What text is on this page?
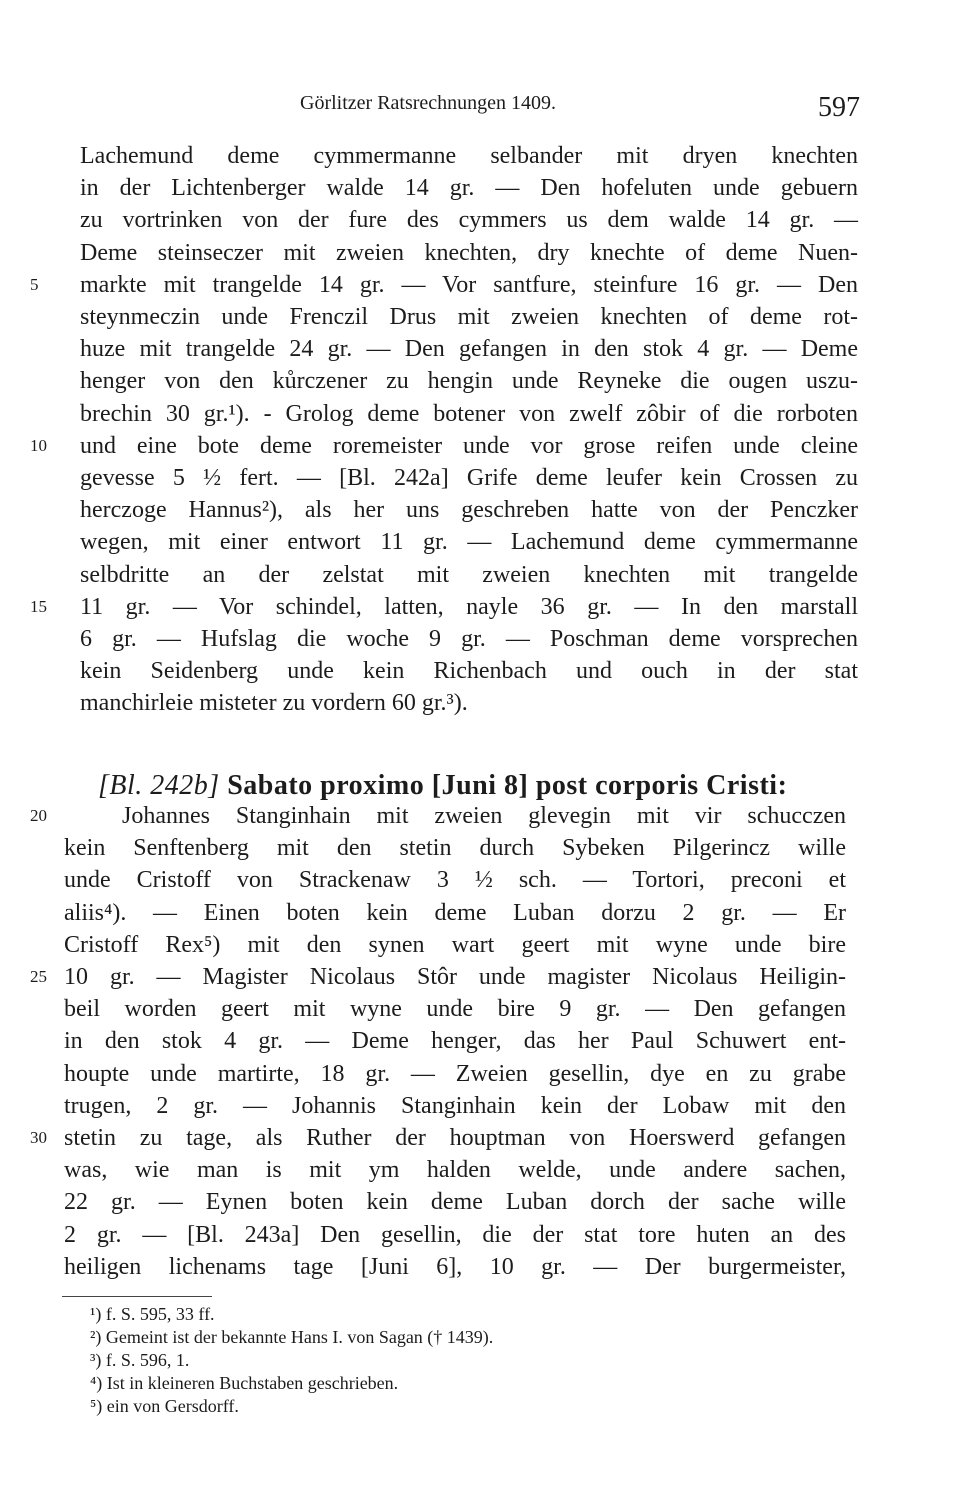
Görlitzer Ratsrechnungen 1409.	597
Lachemund deme cymmermanne selbander mit dryen knechten
in der Lichtenberger walde 14 gr. — Den hofeluten unde gebuern
zu vortrinken von der fure des cymmers us dem walde 14 gr. —
Deme steinseczer mit zweien knechten, dry knechte of deme Nuen-
5 markte mit trangelde 14 gr. — Vor santfure, steinfure 16 gr. — Den
steynmeczin unde Frenczil Drus mit zweien knechten of deme rot-
huze mit trangelde 24 gr. — Den gefangen in den stok 4 gr. — Deme
henger von den kůrczener zu hengin unde Reyneke die ougen uszu-
brechin 30 gr.¹). - Grolog deme botener von zwelf zôbir of die rorboten
10 und eine bote deme roremeister unde vor grose reifen unde cleine
gevesse 5 ½ fert. — [Bl. 242a] Grife deme leufer kein Crossen zu
herczoge Hannus²), als her uns geschreben hatte von der Penczker
wegen, mit einer entwort 11 gr. — Lachemund deme cymmermanne
selbdritte an der zelstat mit zweien knechten mit trangelde
15 11 gr. — Vor schindel, latten, nayle 36 gr. — In den marstall
6 gr. — Hufslag die woche 9 gr. — Poschman deme vorsprechen
kein Seidenberg unde kein Richenbach und ouch in der stat
manchirleie misteter zu vordern 60 gr.³).
[Bl. 242b] Sabato proximo [Juni 8] post corporis Cristi:
20	Johannes Stanginhain mit zweien glevegin mit vir schucczen
kein Senftenberg mit den stetin durch Sybeken Pilgerincz wille
unde Cristoff von Strackenaw 3 ½ sch. — Tortori, preconi et
aliis⁴). — Einen boten kein deme Luban dorzu 2 gr. — Er
Cristoff Rex⁵) mit den synen wart geert mit wyne unde bire
25 10 gr. — Magister Nicolaus Stôr unde magister Nicolaus Heiligin-
beil worden geert mit wyne unde bire 9 gr. — Den gefangen
in den stok 4 gr. — Deme henger, das her Paul Schuwert ent-
houpte unde martirte, 18 gr. — Zweien gesellin, dye en zu grabe
trugen, 2 gr. — Johannis Stanginhain kein der Lobaw mit den
30 stetin zu tage, als Ruther der houptman von Hoerswerd gefangen
was, wie man is mit ym halden welde, unde andere sachen,
22 gr. — Eynen boten kein deme Luban dorch der sache wille
2 gr. — [Bl. 243a] Den gesellin, die der stat tore huten an des
heiligen lichenams tage [Juni 6], 10 gr. — Der burgermeister,
¹) f. S. 595, 33 ff.
²) Gemeint ist der bekannte Hans I. von Sagan († 1439).
³) f. S. 596, 1.
⁴) Ist in kleineren Buchstaben geschrieben.
⁵) ein von Gersdorff.
